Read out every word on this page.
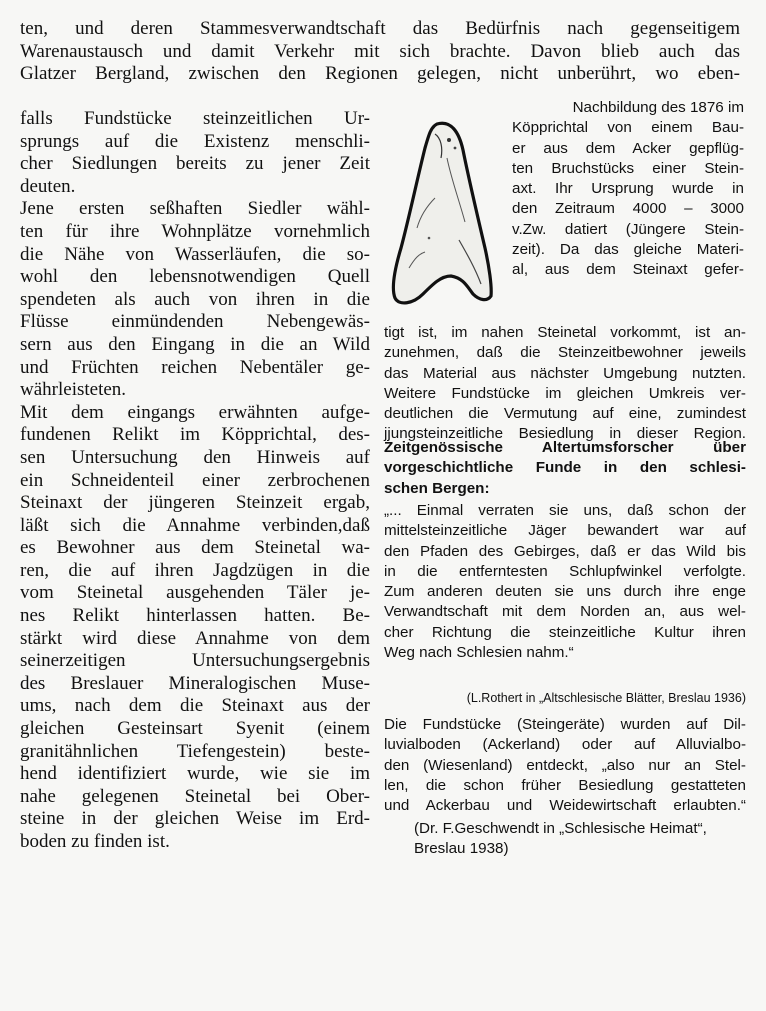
ten, und deren Stammesverwandtschaft das Bedürfnis nach gegenseitigem
Warenaustausch und damit Verkehr mit sich brachte. Davon blieb auch das
Glatzer Bergland, zwischen den Regionen gelegen, nicht unberührt, wo eben-
falls Fundstücke steinzeitlichen Ur-
sprungs auf die Existenz menschli-
cher Siedlungen bereits zu jener Zeit
deuten.
Jene ersten seßhaften Siedler wähl-
ten für ihre Wohnplätze vornehmlich
die Nähe von Wasserläufen, die so-
wohl den lebensnotwendigen Quell
spendeten als auch von ihren in die
Flüsse einmündenden Nebengewäs-
sern aus den Eingang in die an Wild
und Früchten reichen Nebentäler ge-
währleisteten.
Mit dem eingangs erwähnten aufge-
fundenen Relikt im Köpprichtal, des-
sen Untersuchung den Hinweis auf
ein Schneidenteil einer zerbrochenen
Steinaxt der jüngeren Steinzeit ergab,
läßt sich die Annahme verbinden,daß
es Bewohner aus dem Steinetal wa-
ren, die auf ihren Jagdzügen in die
vom Steinetal ausgehenden Täler je-
nes Relikt hinterlassen hatten. Be-
stärkt wird diese Annahme von dem
seinerzeitigen Untersuchungsergebnis
des Breslauer Mineralogischen Muse-
ums, nach dem die Steinaxt aus der
gleichen Gesteinsart Syenit (einem
granitähnlichen Tiefengestein) beste-
hend identifiziert wurde, wie sie im
nahe gelegenen Steinetal bei Ober-
steine in der gleichen Weise im Erd-
boden zu finden ist.
Nachbildung des 1876 im
Köpprichtal von einem Bau-
er aus dem Acker gepflüg-
ten Bruchstücks einer Stein-
axt. Ihr Ursprung wurde in
den Zeitraum 4000 – 3000
v.Zw. datiert (Jüngere Stein-
zeit). Da das gleiche Materi-
al, aus dem Steinaxt gefer-
tigt ist, im nahen Steinetal vorkommt, ist an-
zunehmen, daß die Steinzeitbewohner jeweils
das Material aus nächster Umgebung nutzten.
Weitere Fundstücke im gleichen Umkreis ver-
deutlichen die Vermutung auf eine, zumindest
jjungsteinzeitliche Besiedlung in dieser Region.
Zeitgenössische Altertumsforscher über
vorgeschichtliche Funde in den schlesi-
schen Bergen:
„... Einmal verraten sie uns, daß schon der
mittelsteinzeitliche Jäger bewandert war auf
den Pfaden des Gebirges, daß er das Wild bis
in die entferntesten Schlupfwinkel verfolgte.
Zum anderen deuten sie uns durch ihre enge
Verwandtschaft mit dem Norden an, aus wel-
cher Richtung die steinzeitliche Kultur ihren
Weg nach Schlesien nahm.“
(L.Rothert in „Altschlesische Blätter, Breslau 1936)
Die Fundstücke (Steingeräte) wurden auf Dil-
luvialboden (Ackerland) oder auf Alluvialbo-
den (Wiesenland) entdeckt, „also nur an Stel-
len, die schon früher Besiedlung gestatteten
und Ackerbau und Weidewirtschaft erlaubten.“
(Dr. F.Geschwendt in „Schlesische Heimat“,
Breslau 1938)
